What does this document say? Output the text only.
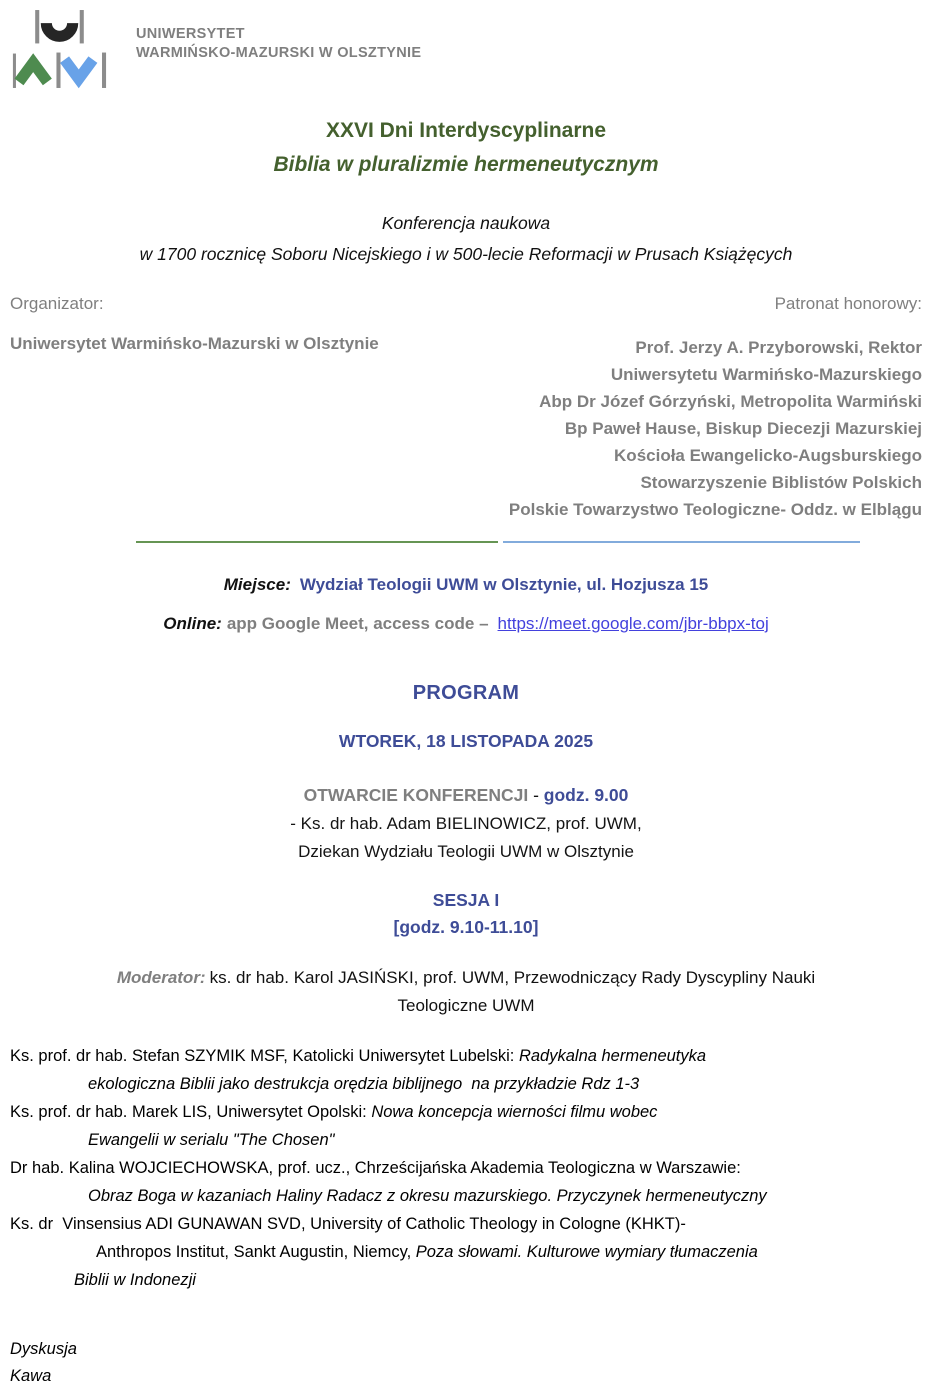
UNIWERSYTET
WARMIŃSKO-MAZURSKI W OLSZTYNIE
XXVI Dni Interdyscyplinarne
Biblia w pluralizmie hermeneutycznym
Konferencja naukowa
w 1700 rocznicę Soboru Nicejskiego i w 500-lecie Reformacji w Prusach Książęcych
Organizator:	Patronat honorowy:
Uniwersytet Warmińsko-Mazurski w Olsztynie	Prof. Jerzy A. Przyborowski, Rektor
Uniwersytetu Warmińsko-Mazurskiego
Abp Dr Józef Górzyński, Metropolita Warmiński
Bp Paweł Hause, Biskup Diecezji Mazurskiej
Kościoła Ewangelicko-Augsburskiego
Stowarzyszenie Biblistów Polskich
Polskie Towarzystwo Teologiczne- Oddz. w Elblągu
Miejsce: Wydział Teologii UWM w Olsztynie, ul. Hozjusza 15
Online: app Google Meet, access code – https://meet.google.com/jbr-bbpx-toj
PROGRAM
WTOREK, 18 LISTOPADA 2025
OTWARCIE KONFERENCJI - godz. 9.00
- Ks. dr hab. Adam BIELINOWICZ, prof. UWM,
Dziekan Wydziału Teologii UWM w Olsztynie
SESJA I
[godz. 9.10-11.10]
Moderator: ks. dr hab. Karol JASIŃSKI, prof. UWM, Przewodniczący Rady Dyscypliny Nauki
Teologiczne UWM
Ks. prof. dr hab. Stefan SZYMIK MSF, Katolicki Uniwersytet Lubelski: Radykalna hermeneutyka
ekologiczna Biblii jako destrukcja orędzia biblijnego  na przykładzie Rdz 1-3
Ks. prof. dr hab. Marek LIS, Uniwersytet Opolski: Nowa koncepcja wierności filmu wobec
Ewangelii w serialu "The Chosen"
Dr hab. Kalina WOJCIECHOWSKA, prof. ucz., Chrześcijańska Akademia Teologiczna w Warszawie:
Obraz Boga w kazaniach Haliny Radacz z okresu mazurskiego. Przyczynek hermeneutyczny
Ks. dr  Vinsensius ADI GUNAWAN SVD, University of Catholic Theology in Cologne (KHKT)-
Anthropos Institut, Sankt Augustin, Niemcy, Poza słowami. Kulturowe wymiary tłumaczenia
Biblii w Indonezji
Dyskusja
Kawa
